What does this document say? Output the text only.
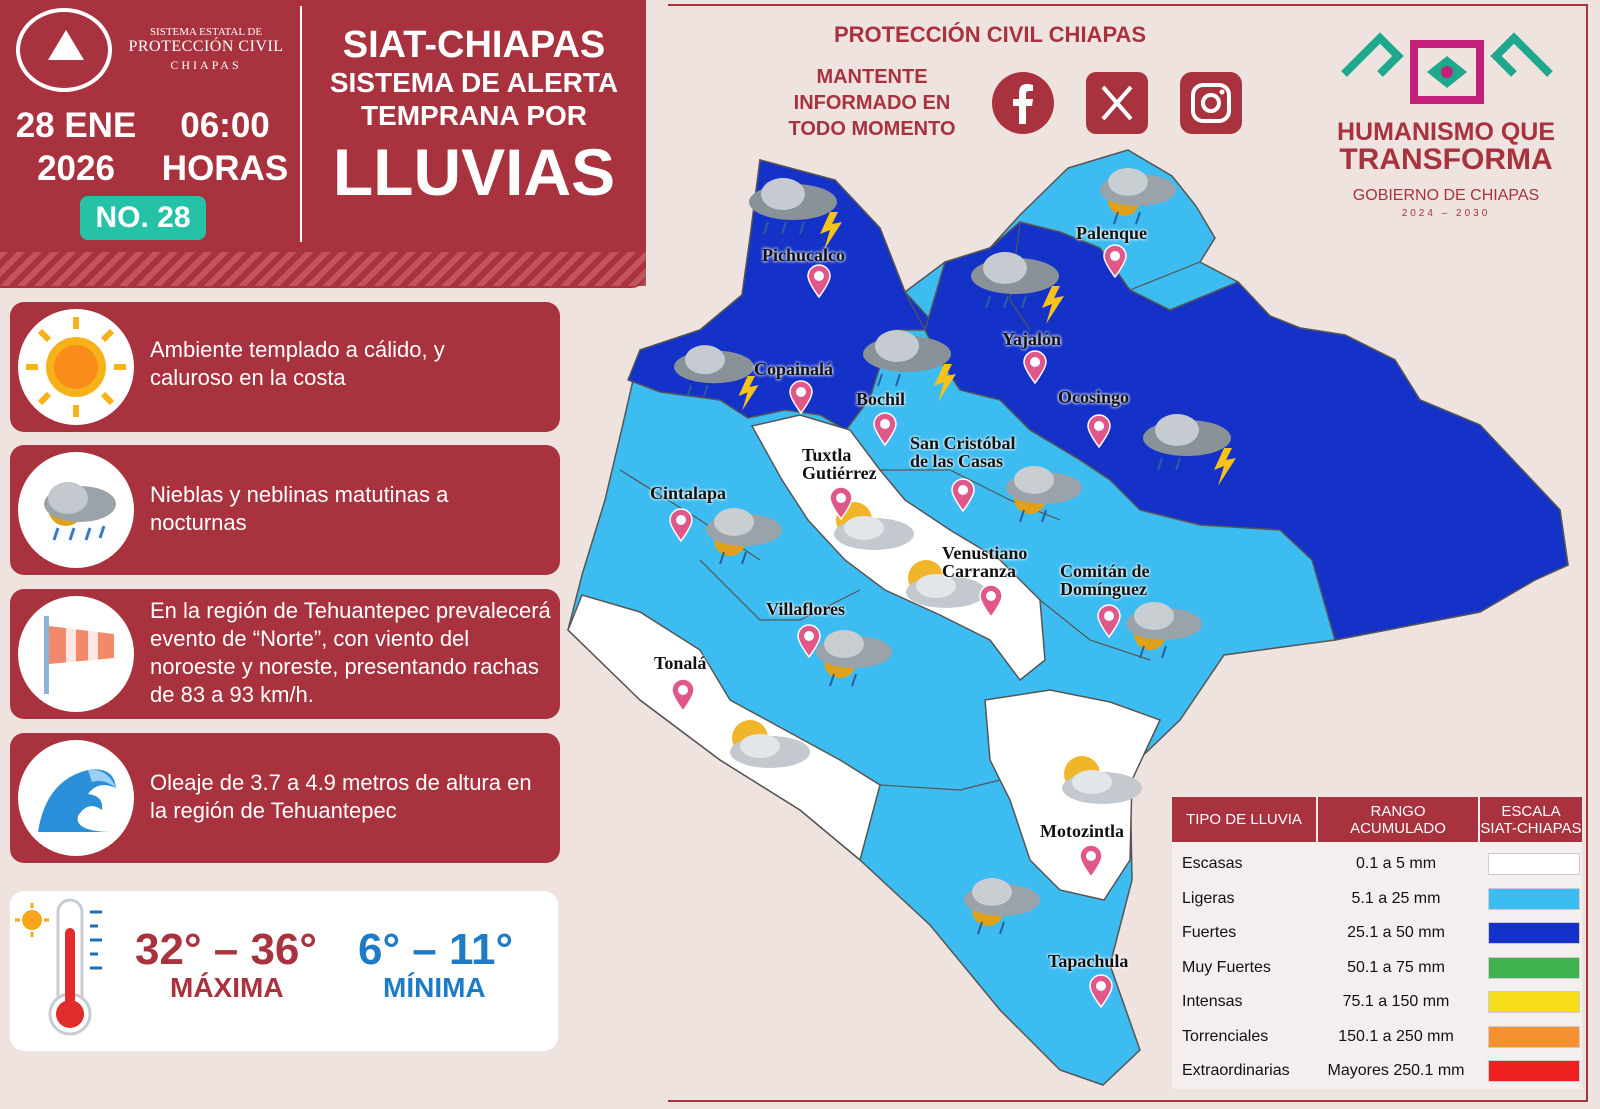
SISTEMA ESTATAL DE
PROTECCIÓN CIVIL
CHIAPAS
28 ENE
2026
06:00
HORAS
NO. 28
SIAT-CHIAPAS
SISTEMA DE ALERTA
TEMPRANA POR
LLUVIAS
Ambiente templado a cálido, y caluroso en la costa
Nieblas y neblinas matutinas a nocturnas
En la región de Tehuantepec prevalecerá evento de “Norte”, con viento del noroeste y noreste, presentando rachas de 83 a 93 km/h.
Oleaje de 3.7 a 4.9 metros de altura en la región de Tehuantepec
32° – 36°
MÁXIMA
6° – 11°
MÍNIMA
PROTECCIÓN CIVIL CHIAPAS
MANTENTE INFORMADO EN TODO MOMENTO	HUMANISMO QUE
TRANSFORMA
GOBIERNO DE CHIAPAS
2024 – 2030
Pichucalco
Palenque
Yajalón
Copainalá
Bochil	Ocosingo
Tuxtla
Gutiérrez
San Cristóbal
de las Casas
Cintalapa
Venustiano
Carranza	Comitán de
Domínguez
Villaflores
Tonalá
Motozintla
Tapachula
TIPO DE LLUVIA	RANGO
ACUMULADO
ESCALA
SIAT-CHIAPAS
Escasas	0.1 a 5 mm
Ligeras	5.1 a 25 mm
Fuertes	25.1 a 50 mm
Muy Fuertes	50.1 a 75 mm
Intensas	75.1 a 150 mm
Torrenciales	150.1 a 250 mm
Extraordinarias	Mayores 250.1 mm
